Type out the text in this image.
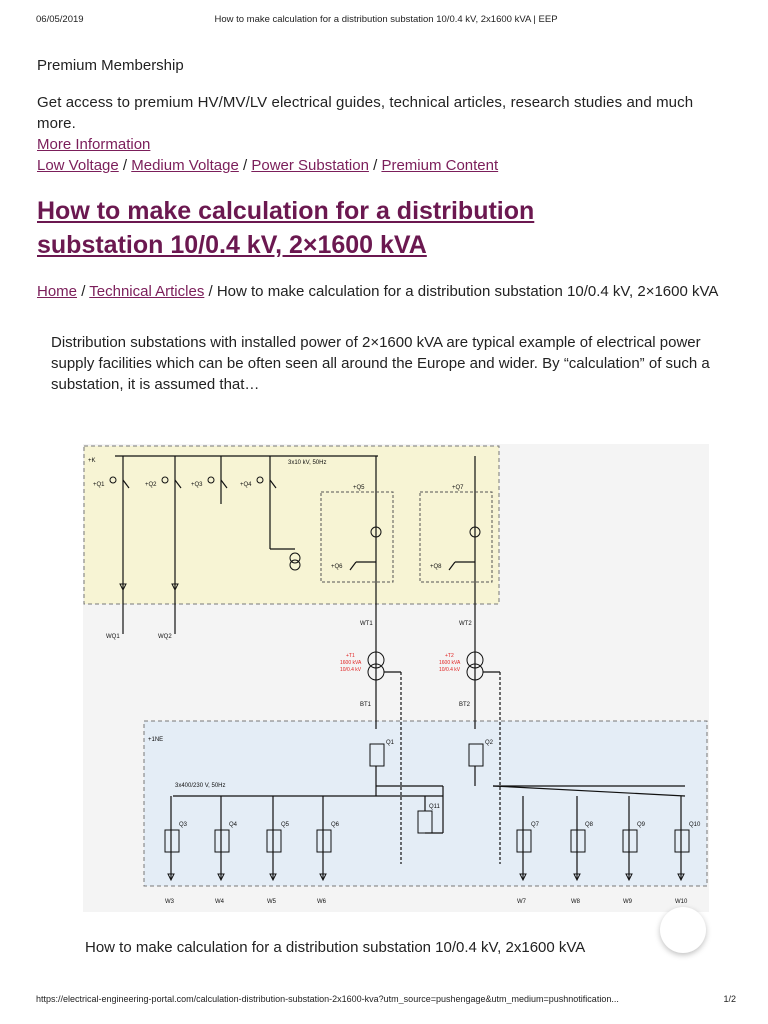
06/05/2019	How to make calculation for a distribution substation 10/0.4 kV, 2x1600 kVA | EEP

Premium Membership

Get access to premium HV/MV/LV electrical guides, technical articles, research studies and much more.

More Information
Low Voltage / Medium Voltage / Power Substation / Premium Content
How to make calculation for a distribution
substation 10/0.4 kV, 2×1600 kVA
Home / Technical Articles / How to make calculation for a distribution substation 10/0.4 kV, 2×1600 kVA

Distribution substations with installed power of 2×1600 kVA are typical example of electrical power supply facilities which can be often seen all around the Europe and wider. By “calculation” of such a substation, it is assumed that…

+K
+1NE
3x10 kV, 50Hz
3x400/230 V, 50Hz
+Q1	+Q2	+Q3	+Q4
WQ1	WQ2
+Q5
+Q6
WT1
+T1
1600 kVA
10/0.4 kV
BT1
Q1
+Q7
+Q8
WT2
+T2
1600 kVA
10/0.4 kV
BT2
Q2
Q11
Q3
W3
Q4
W4
Q5
W5
Q6
W6
Q7
W7
Q8
W8
Q9
W9
Q10
W10
How to make calculation for a distribution substation 10/0.4 kV, 2x1600 kVA
https://electrical-engineering-portal.com/calculation-distribution-substation-2x1600-kva?utm_source=pushengage&utm_medium=pushnotification...	1/2
